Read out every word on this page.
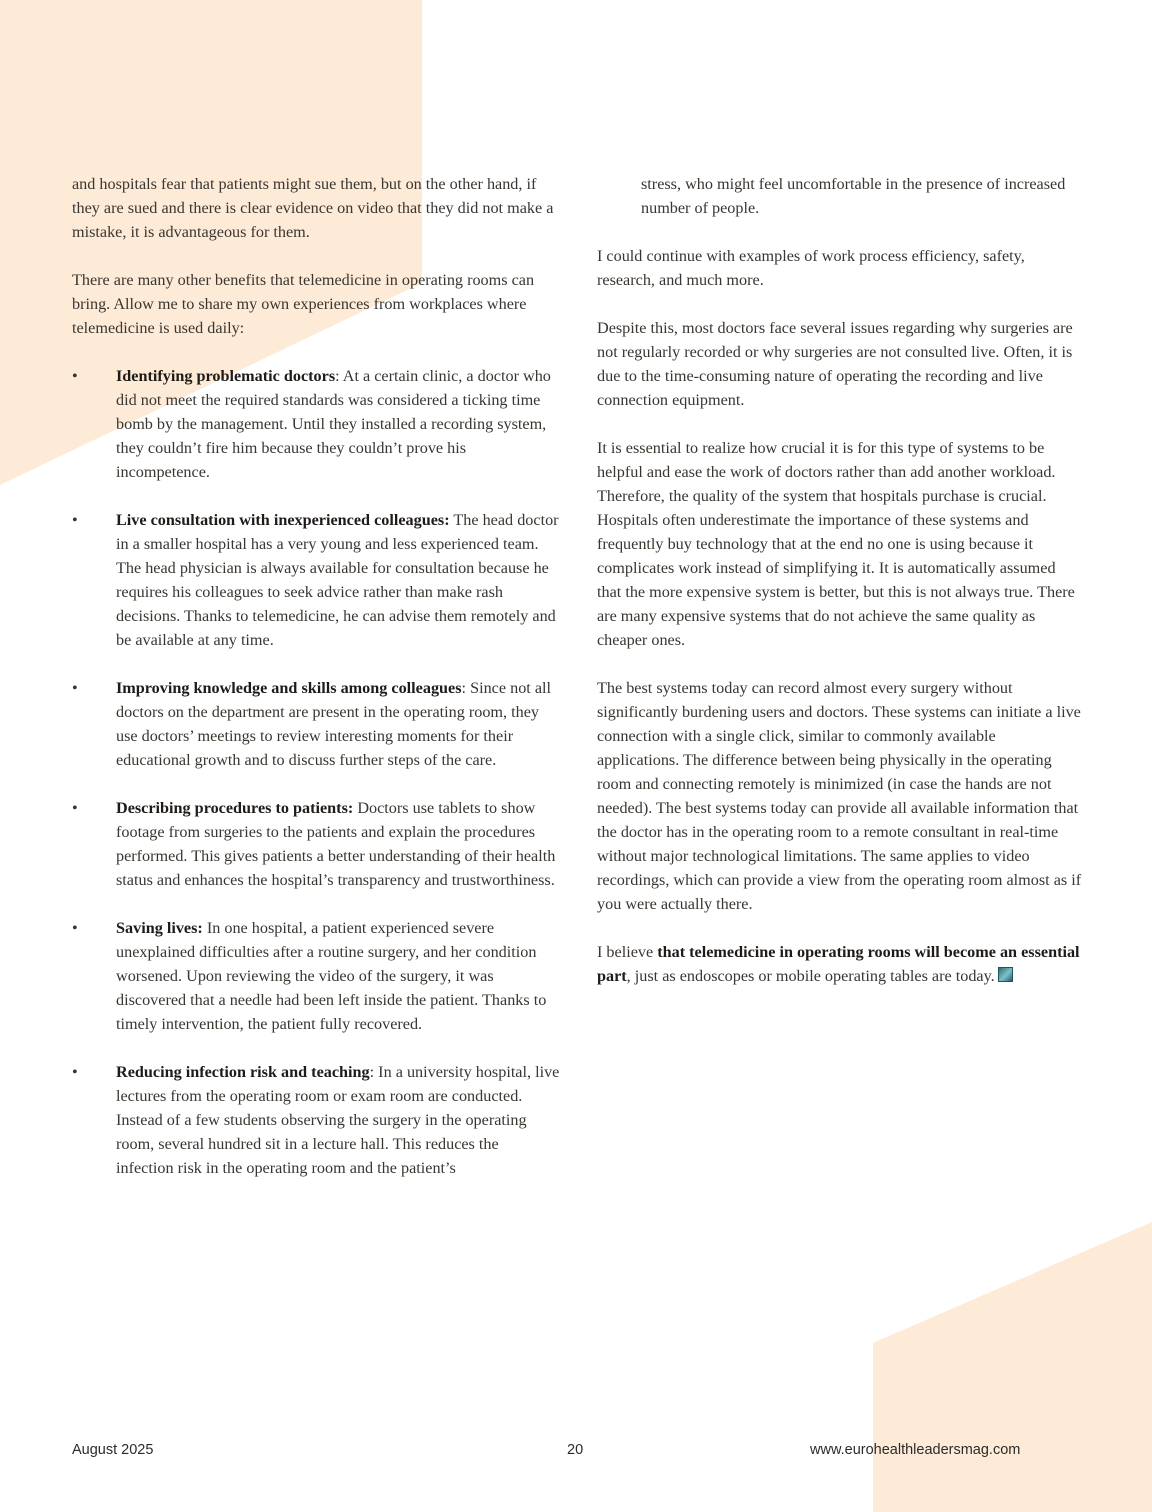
and hospitals fear that patients might sue them, but on the other hand, if they are sued and there is clear evidence on video that they did not make a mistake, it is advantageous for them.

There are many other benefits that telemedicine in operating rooms can bring. Allow me to share my own experiences from workplaces where telemedicine is used daily:

• Identifying problematic doctors: At a certain clinic, a doctor who did not meet the required standards was considered a ticking time bomb by the management. Until they installed a recording system, they couldn’t fire him because they couldn’t prove his incompetence.
• Live consultation with inexperienced colleagues: The head doctor in a smaller hospital has a very young and less experienced team. The head physician is always available for consultation because he requires his colleagues to seek advice rather than make rash decisions. Thanks to telemedicine, he can advise them remotely and be available at any time.
• Improving knowledge and skills among colleagues: Since not all doctors on the department are present in the operating room, they use doctors’ meetings to review interesting moments for their educational growth and to discuss further steps of the care.
• Describing procedures to patients: Doctors use tablets to show footage from surgeries to the patients and explain the procedures performed. This gives patients a better understanding of their health status and enhances the hospital’s transparency and trustworthiness.
• Saving lives: In one hospital, a patient experienced severe unexplained difficulties after a routine surgery, and her condition worsened. Upon reviewing the video of the surgery, it was discovered that a needle had been left inside the patient. Thanks to timely intervention, the patient fully recovered.
• Reducing infection risk and teaching: In a university hospital, live lectures from the operating room or exam room are conducted. Instead of a few students observing the surgery in the operating room, several hundred sit in a lecture hall. This reduces the infection risk in the operating room and the patient’s

stress, who might feel uncomfortable in the presence of increased number of people.

I could continue with examples of work process efficiency, safety, research, and much more.

Despite this, most doctors face several issues regarding why surgeries are not regularly recorded or why surgeries are not consulted live. Often, it is due to the time-consuming nature of operating the recording and live connection equipment.

It is essential to realize how crucial it is for this type of systems to be helpful and ease the work of doctors rather than add another workload. Therefore, the quality of the system that hospitals purchase is crucial. Hospitals often underestimate the importance of these systems and frequently buy technology that at the end no one is using because it complicates work instead of simplifying it. It is automatically assumed that the more expensive system is better, but this is not always true. There are many expensive systems that do not achieve the same quality as cheaper ones.

The best systems today can record almost every surgery without significantly burdening users and doctors. These systems can initiate a live connection with a single click, similar to commonly available applications. The difference between being physically in the operating room and connecting remotely is minimized (in case the hands are not needed). The best systems today can provide all available information that the doctor has in the operating room to a remote consultant in real-time without major technological limitations. The same applies to video recordings, which can provide a view from the operating room almost as if you were actually there.

I believe that telemedicine in operating rooms will become an essential part, just as endoscopes or mobile operating tables are today.

August 2025	20	www.eurohealthleadersmag.com
